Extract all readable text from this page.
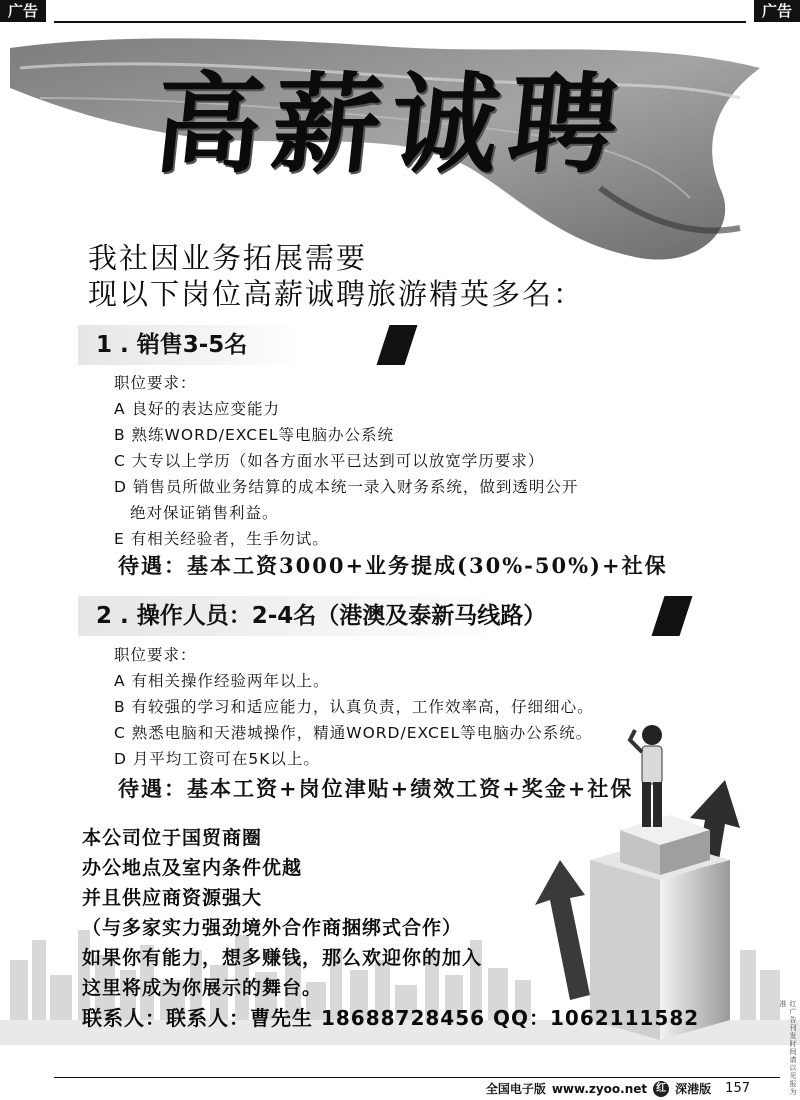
广告	广告
高薪诚聘
我社因业务拓展需要
现以下岗位高薪诚聘旅游精英多名：
1 . 销售3-5名
职位要求：
A 良好的表达应变能力
B 熟练WORD/EXCEL等电脑办公系统
C 大专以上学历（如各方面水平已达到可以放宽学历要求）
D 销售员所做业务结算的成本统一录入财务系统，做到透明公开
绝对保证销售利益。
E 有相关经验者，生手勿试。
待遇：基本工资3000+业务提成(30%-50%)+社保
2 . 操作人员：2-4名（港澳及泰新马线路）
职位要求：
A 有相关操作经验两年以上。
B 有较强的学习和适应能力，认真负责，工作效率高，仔细细心。
C 熟悉电脑和天港城操作，精通WORD/EXCEL等电脑办公系统。
D 月平均工资可在5K以上。
待遇：基本工资+岗位津贴+绩效工资+奖金+社保
本公司位于国贸商圈
办公地点及室内条件优越
并且供应商资源强大
（与多家实力强劲境外合作商捆绑式合作）
如果你有能力，想多赚钱，那么欢迎你的加入
这里将成为你展示的舞台。
联系人：联系人：曹先生 18688728456 QQ：1062111582	红广告刊发时间请以见报为准
全国电子版 www.zyoo.net 红 深港版 157
